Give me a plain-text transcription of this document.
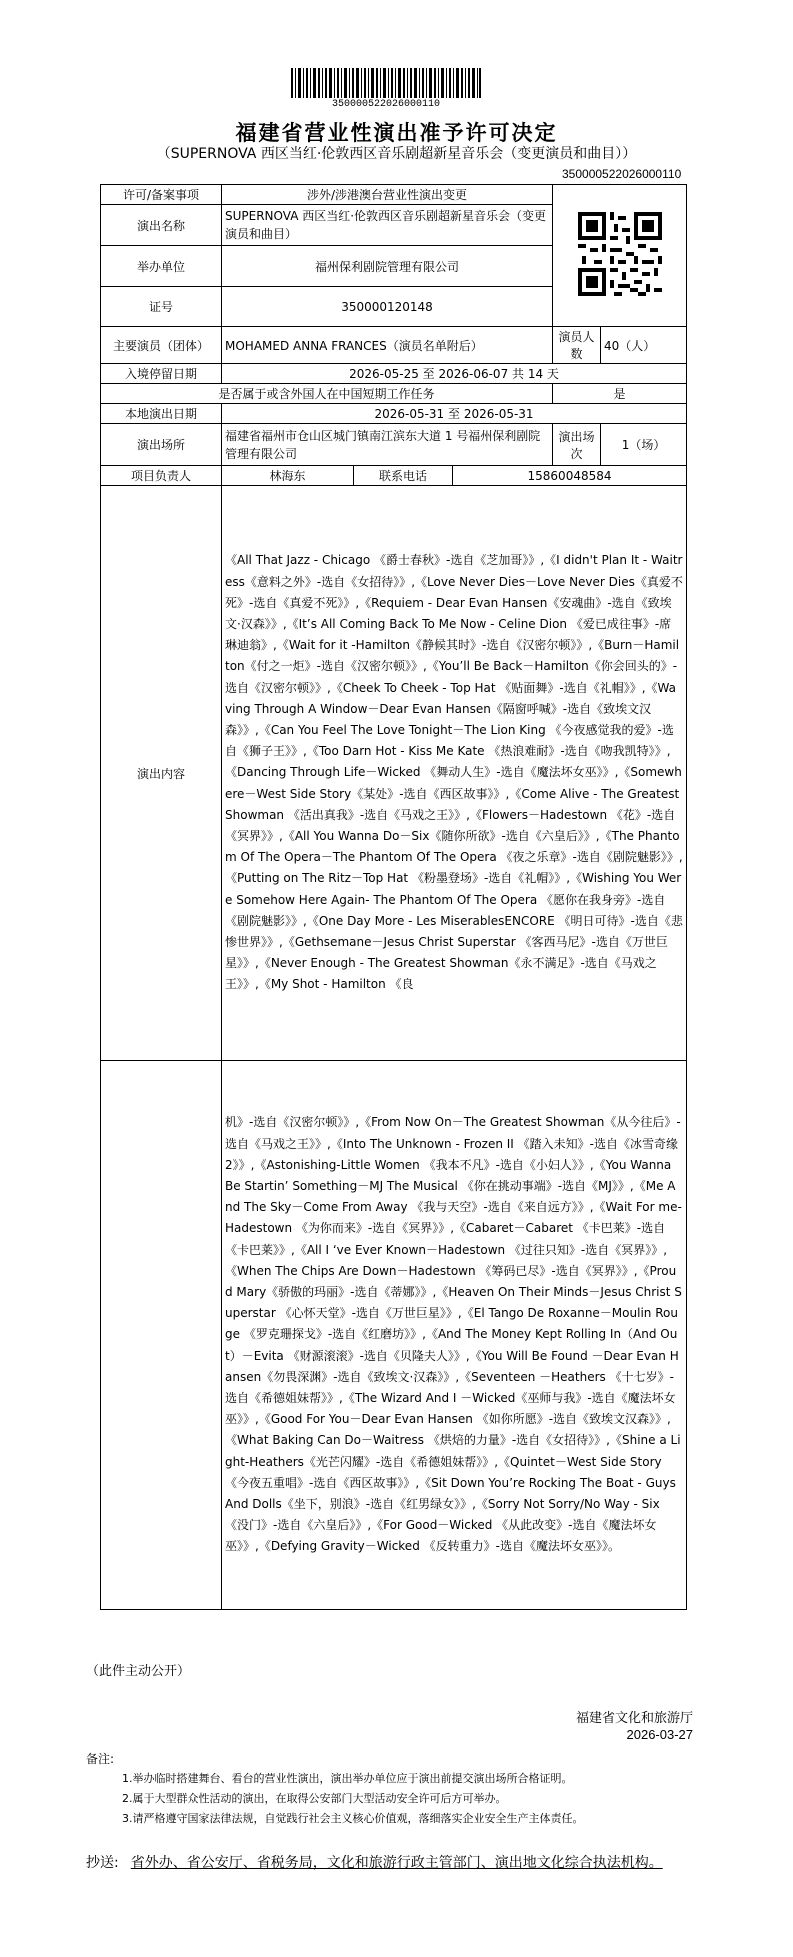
350000522026000110
福建省营业性演出准予许可决定
（SUPERNOVA 西区当红·伦敦西区音乐剧超新星音乐会（变更演员和曲目））
350000522026000110
许可/备案事项	涉外/涉港澳台营业性演出变更	
演出名称	SUPERNOVA 西区当红·伦敦西区音乐剧超新星音乐会（变更演员和曲目）				
举办单位	福州保利剧院管理有限公司				
证号	350000120148				
主要演员（团体）	MOHAMED ANNA FRANCES（演员名单附后）			演员人数	40（人）
入境停留日期	2026-05-25 至 2026-06-07 共 14 天				
是否属于或含外国人在中国短期工作任务				是	
本地演出日期	2026-05-31 至 2026-05-31				
演出场所	福建省福州市仓山区城门镇南江滨东大道 1 号福州保利剧院管理有限公司			演出场次	1（场）
项目负责人	林海东	联系电话	15860048584		
演出内容	《All That Jazz - Chicago 《爵士春秋》-选自《芝加哥》》,《I didn't Plan It - Waitress《意料之外》-选自《女招待》》,《Love Never Dies－Love Never Dies《真爱不死》-选自《真爱不死》》,《Requiem - Dear Evan Hansen《安魂曲》-选自《致埃文·汉森》》,《It’s All Coming Back To Me Now - Celine Dion 《爱已成往事》-席琳迪翁》,《Wait for it -Hamilton《静候其时》-选自《汉密尔顿》》,《Burn－Hamilton《付之一炬》-选自《汉密尔顿》》,《You’ll Be Back－Hamilton《你会回头的》-选自《汉密尔顿》》,《Cheek To Cheek - Top Hat 《贴面舞》-选自《礼帽》》,《Waving Through A Window－Dear Evan Hansen《隔窗呼喊》-选自《致埃文汉森》》,《Can You Feel The Love Tonight－The Lion King 《今夜感觉我的爱》-选自《狮子王》》,《Too Darn Hot - Kiss Me Kate 《热浪难耐》-选自《吻我凯特》》,《Dancing Through Life－Wicked 《舞动人生》-选自《魔法坏女巫》》,《Somewhere－West Side Story《某处》-选自《西区故事》》,《Come Alive - The Greatest Showman 《活出真我》-选自《马戏之王》》,《Flowers－Hadestown 《花》-选自《冥界》》,《All You Wanna Do－Six《随你所欲》-选自《六皇后》》,《The Phantom Of The Opera－The Phantom Of The Opera 《夜之乐章》-选自《剧院魅影》》,《Putting on The Ritz－Top Hat 《粉墨登场》-选自《礼帽》》,《Wishing You Were Somehow Here Again- The Phantom Of The Opera 《愿你在我身旁》-选自《剧院魅影》》,《One Day More - Les MiserablesENCORE 《明日可待》-选自《悲惨世界》》,《Gethsemane－Jesus Christ Superstar 《客西马尼》-选自《万世巨星》》,《Never Enough - The Greatest Showman《永不满足》-选自《马戏之王》》,《My Shot - Hamilton 《良				
	机》-选自《汉密尔顿》》,《From Now On－The Greatest Showman《从今往后》-选自《马戏之王》》,《Into The Unknown - Frozen II 《踏入未知》-选自《冰雪奇缘 2》》,《Astonishing-Little Women 《我本不凡》-选自《小妇人》》,《You Wanna Be Startin’ Something－MJ The Musical 《你在挑动事端》-选自《MJ》》,《Me And The Sky－Come From Away 《我与天空》-选自《来自远方》》,《Wait For me-Hadestown 《为你而来》-选自《冥界》》,《Cabaret－Cabaret 《卡巴莱》-选自《卡巴莱》》,《All I ‘ve Ever Known－Hadestown 《过往只知》-选自《冥界》》,《When The Chips Are Down－Hadestown 《筹码已尽》-选自《冥界》》,《Proud Mary《骄傲的玛丽》-选自《蒂娜》》,《Heaven On Their Minds－Jesus Christ Superstar 《心怀天堂》-选自《万世巨星》》,《El Tango De Roxanne－Moulin Rouge 《罗克珊探戈》-选自《红磨坊》》,《And The Money Kept Rolling In（And Out）－Evita 《财源滚滚》-选自《贝隆夫人》》,《You Will Be Found －Dear Evan Hansen《勿畏深渊》-选自《致埃文·汉森》》,《Seventeen －Heathers 《十七岁》-选自《希德姐妹帮》》,《The Wizard And I －Wicked《巫师与我》-选自《魔法坏女巫》》,《Good For You－Dear Evan Hansen 《如你所愿》-选自《致埃文汉森》》,《What Baking Can Do－Waitress 《烘焙的力量》-选自《女招待》》,《Shine a Light-Heathers《光芒闪耀》-选自《希德姐妹帮》》,《Quintet－West Side Story 《今夜五重唱》-选自《西区故事》》,《Sit Down You’re Rocking The Boat - Guys And Dolls《坐下，别浪》-选自《红男绿女》》,《Sorry Not Sorry/No Way - Six 《没门》-选自《六皇后》》,《For Good－Wicked 《从此改变》-选自《魔法坏女巫》》,《Defying Gravity－Wicked 《反转重力》-选自《魔法坏女巫》》。				
（此件主动公开）
福建省文化和旅游厅
2026-03-27
备注:
1.举办临时搭建舞台、看台的营业性演出，演出举办单位应于演出前提交演出场所合格证明。
2.属于大型群众性活动的演出，在取得公安部门大型活动安全许可后方可举办。
3.请严格遵守国家法律法规，自觉践行社会主义核心价值观，落细落实企业安全生产主体责任。
抄送: 省外办、省公安厅、省税务局，文化和旅游行政主管部门、演出地文化综合执法机构。
